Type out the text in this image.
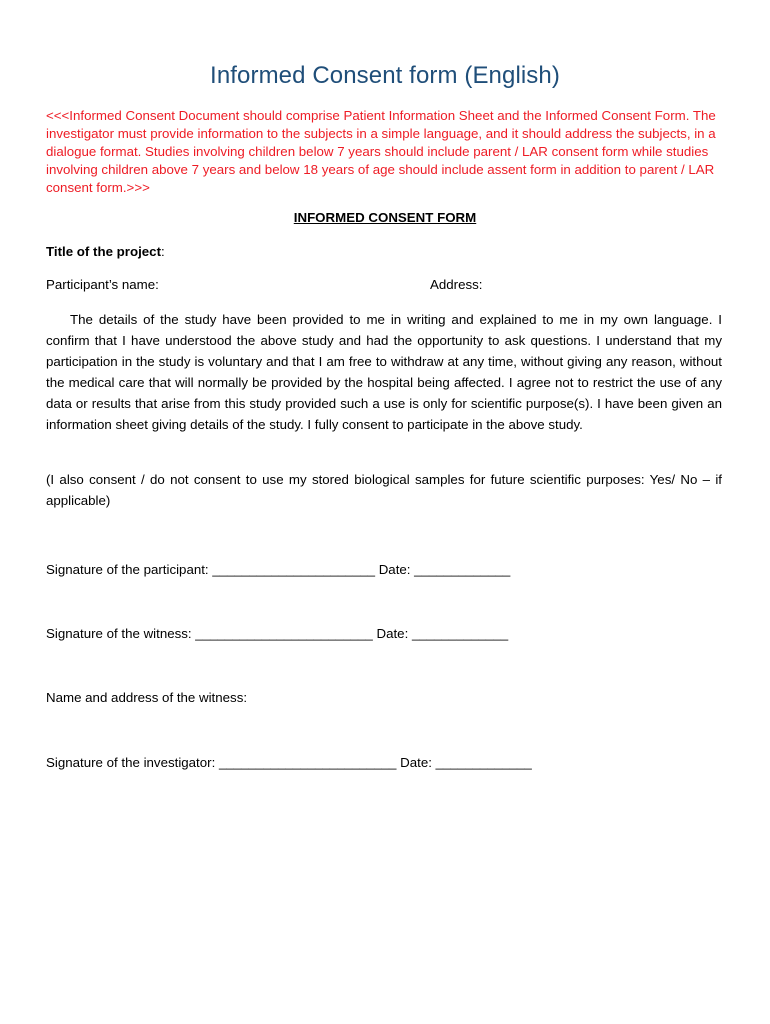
Informed Consent form (English)
<<<Informed Consent Document should comprise Patient Information Sheet and the Informed Consent Form. The investigator must provide information to the subjects in a simple language, and it should address the subjects, in a dialogue format. Studies involving children below 7 years should include parent / LAR consent form while studies involving children above 7 years and below 18 years of age should include assent form in addition to parent / LAR consent form.>>>
INFORMED CONSENT FORM
Title of the project:
Participant’s name:	Address:
The details of the study have been provided to me in writing and explained to me in my own language. I confirm that I have understood the above study and had the opportunity to ask questions. I understand that my participation in the study is voluntary and that I am free to withdraw at any time, without giving any reason, without the medical care that will normally be provided by the hospital being affected. I agree not to restrict the use of any data or results that arise from this study provided such a use is only for scientific purpose(s). I have been given an information sheet giving details of the study. I fully consent to participate in the above study.
(I also consent / do not consent to use my stored biological samples for future scientific purposes: Yes/ No – if applicable)
Signature of the participant: ______________________ Date: _____________
Signature of the witness: ________________________ Date: _____________
Name and address of the witness:
Signature of the investigator: ________________________ Date: _____________
